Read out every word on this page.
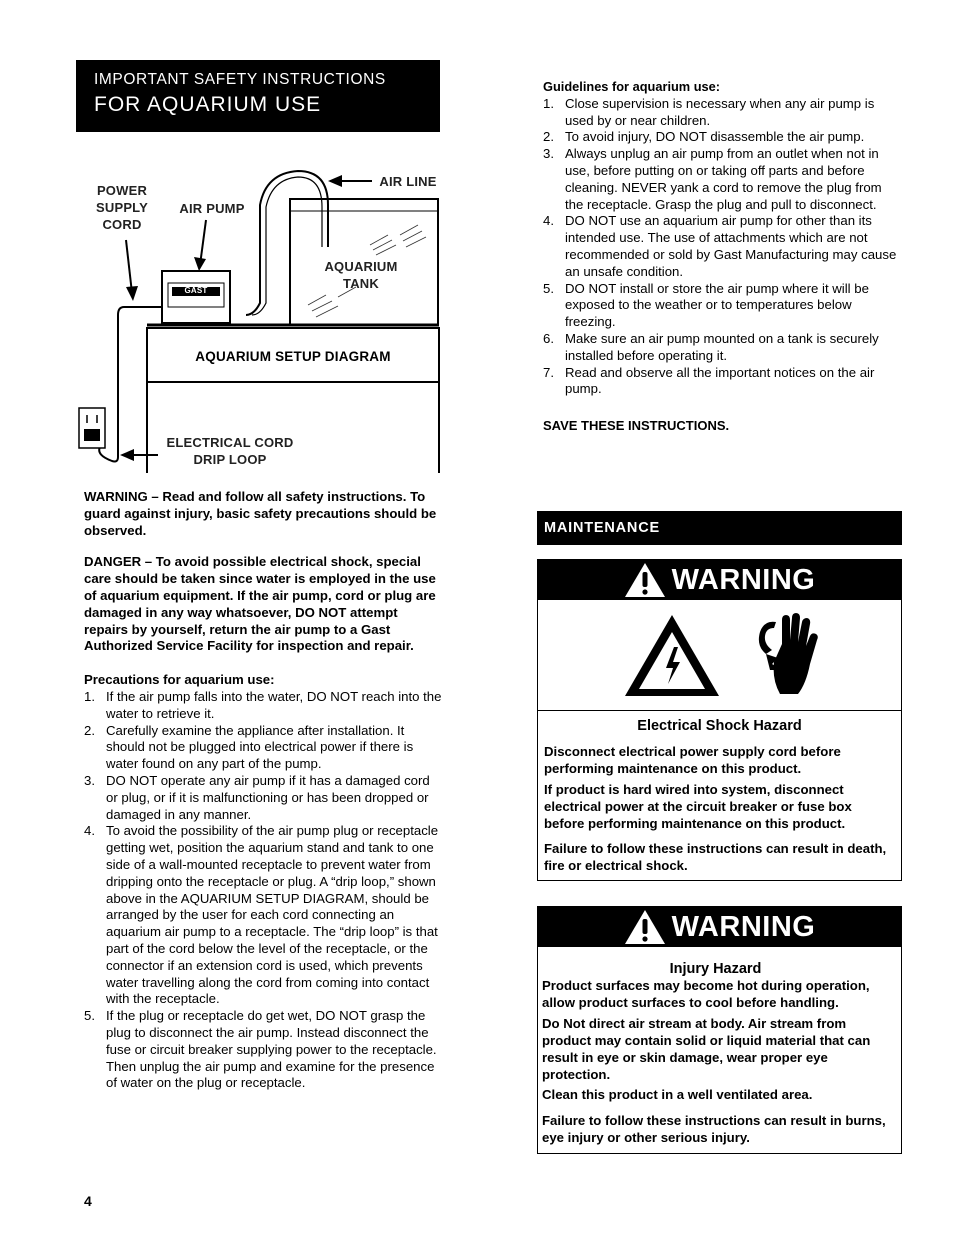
IMPORTANT SAFETY INSTRUCTIONS
FOR AQUARIUM USE
POWER SUPPLY CORD
AIR PUMP
AIR LINE
AQUARIUM TANK
GAST
AQUARIUM SETUP DIAGRAM
ELECTRICAL CORD DRIP LOOP

WARNING – Read and follow all safety instructions. To guard against injury, basic safety precautions should be observed.

DANGER – To avoid possible electrical shock, special care should be taken since water is employed in the use of aquarium equipment. If the air pump, cord or plug are damaged in any way whatsoever, DO NOT attempt repairs by yourself, return the air pump to a Gast Authorized Service Facility for inspection and repair.

Precautions for aquarium use:
1. If the air pump falls into the water, DO NOT reach into the water to retrieve it.
2. Carefully examine the appliance after installation. It should not be plugged into electrical power if there is water found on any part of the pump.
3. DO NOT operate any air pump if it has a damaged cord or plug, or if it is malfunctioning or has been dropped or damaged in any manner.
4. To avoid the possibility of the air pump plug or receptacle getting wet, position the aquarium stand and tank to one side of a wall-mounted receptacle to prevent water from dripping onto the receptacle or plug. A “drip loop,” shown above in the AQUARIUM SETUP DIAGRAM, should be arranged by the user for each cord connecting an aquarium air pump to a receptacle. The “drip loop” is that part of the cord below the level of the receptacle, or the connector if an extension cord is used, which prevents water travelling along the cord from coming into contact with the receptacle.
5. If the plug or receptacle do get wet, DO NOT grasp the plug to disconnect the air pump. Instead disconnect the fuse or circuit breaker supplying power to the receptacle. Then unplug the air pump and examine for the presence of water on the plug or receptacle.
Guidelines for aquarium use:
1. Close supervision is necessary when any air pump is used by or near children.
2. To avoid injury, DO NOT disassemble the air pump.
3. Always unplug an air pump from an outlet when not in use, before putting on or taking off parts and before cleaning. NEVER yank a cord to remove the plug from the receptacle. Grasp the plug and pull to disconnect.
4. DO NOT use an aquarium air pump for other than its intended use. The use of attachments which are not recommended or sold by Gast Manufacturing may cause an unsafe condition.
5. DO NOT install or store the air pump where it will be exposed to the weather or to temperatures below freezing.
6. Make sure an air pump mounted on a tank is securely installed before operating it.
7. Read and observe all the important notices on the air pump.
SAVE THESE INSTRUCTIONS.
MAINTENANCE
WARNING
Electrical Shock Hazard

Disconnect electrical power supply cord before performing maintenance on this product.

If product is hard wired into system, disconnect electrical power at the circuit breaker or fuse box before performing maintenance on this product.

Failure to follow these instructions can result in death, fire or electrical shock.

WARNING
Injury Hazard

Product surfaces may become hot during operation, allow product surfaces to cool before handling.

Do Not direct air stream at body. Air stream from product may contain solid or liquid material that can result in eye or skin damage, wear proper eye protection.

Clean this product in a well ventilated area.

Failure to follow these instructions can result in burns, eye injury or other serious injury.

4
